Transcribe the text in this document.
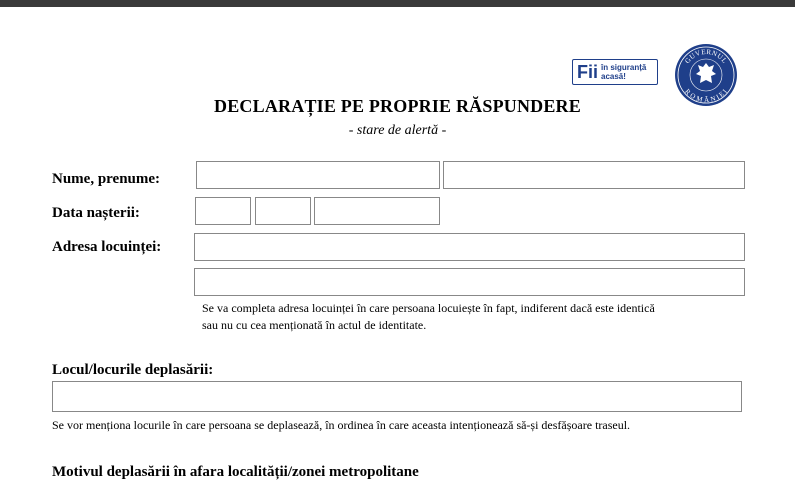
Fii în siguranță
acasă!
GUVERNUL
ROMÂNIEI
DECLARAȚIE PE PROPRIE RĂSPUNDERE
- stare de alertă -
Nume, prenume:
Data nașterii:
Adresa locuinței:
Se va completa adresa locuinței în care persoana locuiește în fapt, indiferent dacă este identică
sau nu cu cea menționată în actul de identitate.
Locul/locurile deplasării:
Se vor menționa locurile în care persoana se deplasează, în ordinea în care aceasta intenționează să-și desfășoare traseul.
Motivul deplasării în afara localității/zonei metropolitane
